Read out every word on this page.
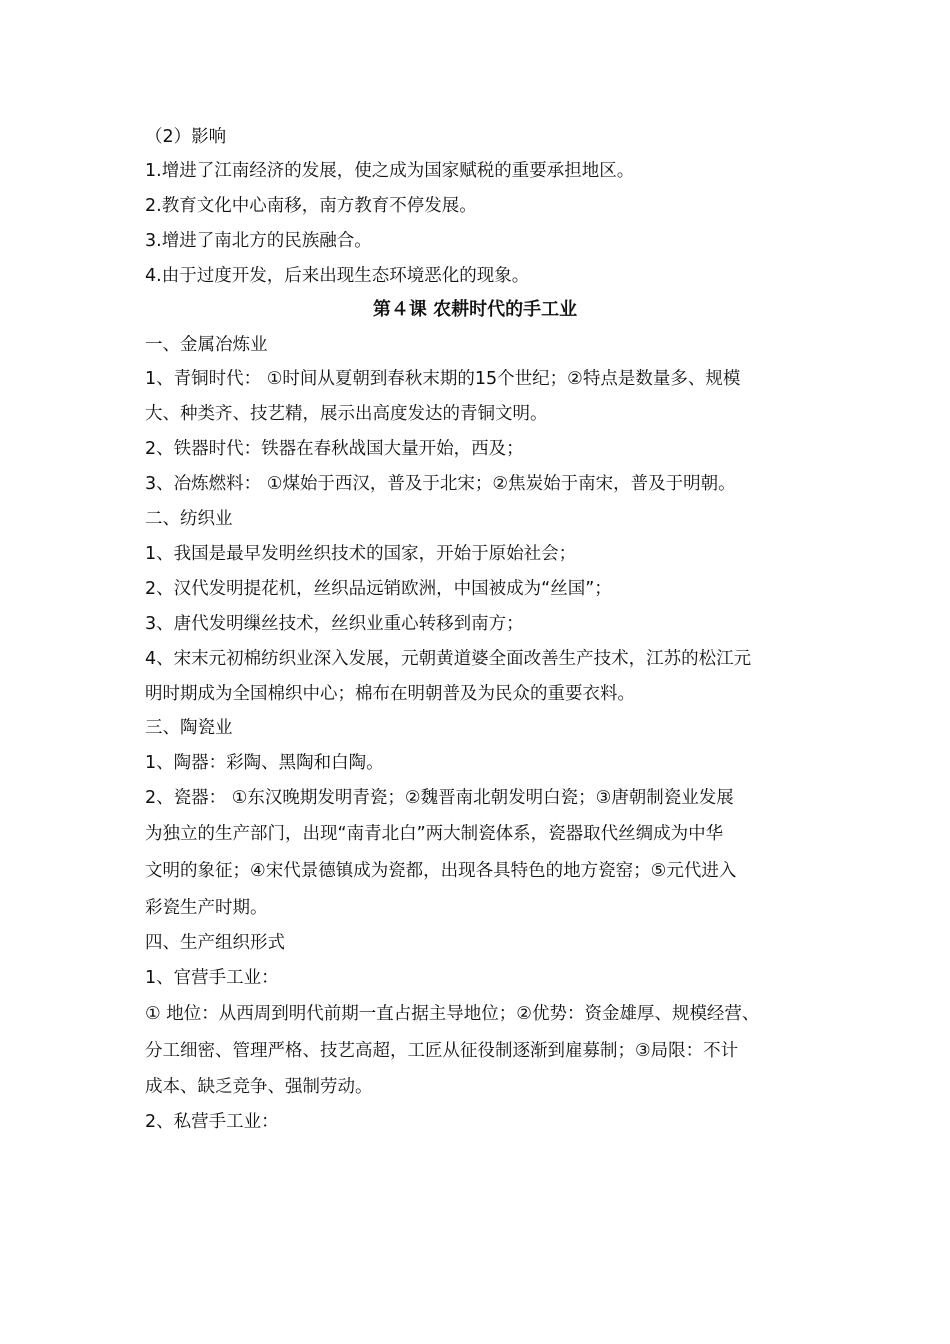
（2）影响
1.增进了江南经济的发展，使之成为国家赋税的重要承担地区。
2.教育文化中心南移，南方教育不停发展。
3.增进了南北方的民族融合。
4.由于过度开发，后来出现生态环境恶化的现象。
第４课 农耕时代的手工业
一、金属冶炼业
1、青铜时代： ①时间从夏朝到春秋末期的15个世纪；②特点是数量多、规模
大、种类齐、技艺精，展示出高度发达的青铜文明。
2、铁器时代：铁器在春秋战国大量开始，西及；
3、冶炼燃料： ①煤始于西汉，普及于北宋；②焦炭始于南宋，普及于明朝。
二、纺织业
1、我国是最早发明丝织技术的国家，开始于原始社会；
2、汉代发明提花机，丝织品远销欧洲，中国被成为“丝国”；
3、唐代发明缫丝技术，丝织业重心转移到南方；
4、宋末元初棉纺织业深入发展，元朝黄道婆全面改善生产技术，江苏的松江元
明时期成为全国棉织中心；棉布在明朝普及为民众的重要衣料。
三、陶瓷业
1、陶器：彩陶、黑陶和白陶。
2、瓷器： ①东汉晚期发明青瓷；②魏晋南北朝发明白瓷；③唐朝制瓷业发展
为独立的生产部门，出现“南青北白”两大制瓷体系，瓷器取代丝绸成为中华
文明的象征；④宋代景德镇成为瓷都，出现各具特色的地方瓷窑；⑤元代进入
彩瓷生产时期。
四、生产组织形式
1、官营手工业：
① 地位：从西周到明代前期一直占据主导地位；②优势：资金雄厚、规模经营、
分工细密、管理严格、技艺高超，工匠从征役制逐渐到雇募制；③局限：不计
成本、缺乏竞争、强制劳动。
2、私营手工业：
